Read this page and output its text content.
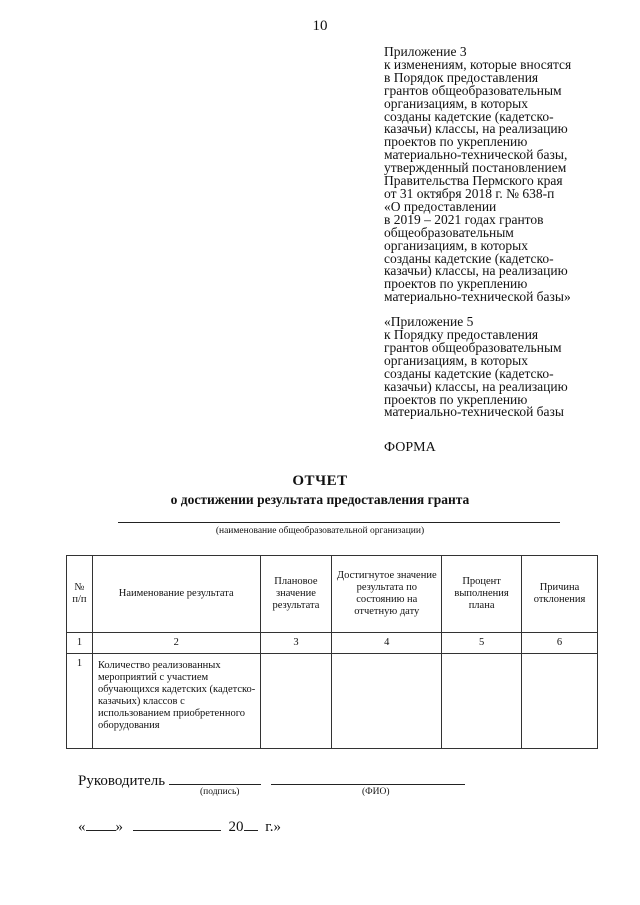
10
Приложение 3
к изменениям, которые вносятся
в Порядок предоставления
грантов общеобразовательным
организациям, в которых
созданы кадетские (кадетско-
казачьи) классы, на реализацию
проектов по укреплению
материально-технической базы,
утвержденный постановлением
Правительства Пермского края
от 31 октября 2018 г. № 638-п
«О предоставлении
в 2019 – 2021 годах грантов
общеобразовательным
организациям, в которых
созданы кадетские (кадетско-
казачьи) классы, на реализацию
проектов по укреплению
материально-технической базы»
«Приложение 5
к Порядку предоставления
грантов общеобразовательным
организациям, в которых
созданы кадетские (кадетско-
казачьи) классы, на реализацию
проектов по укреплению
материально-технической базы
ФОРМА
ОТЧЕТ
о достижении результата предоставления гранта
(наименование общеобразовательной организации)
№ п/п	Наименование результата	Плановое значение результата	Достигнутое значение результата по состоянию на отчетную дату	Процент выполнения плана	Причина отклонения
1	2	3	4	5	6
1	Количество реализованных мероприятий с участием обучающихся кадетских (кадетско-казачьих) классов с использованием приобретенного оборудования				
Руководитель
(подпись)	(ФИО)
« »	20 г.»
